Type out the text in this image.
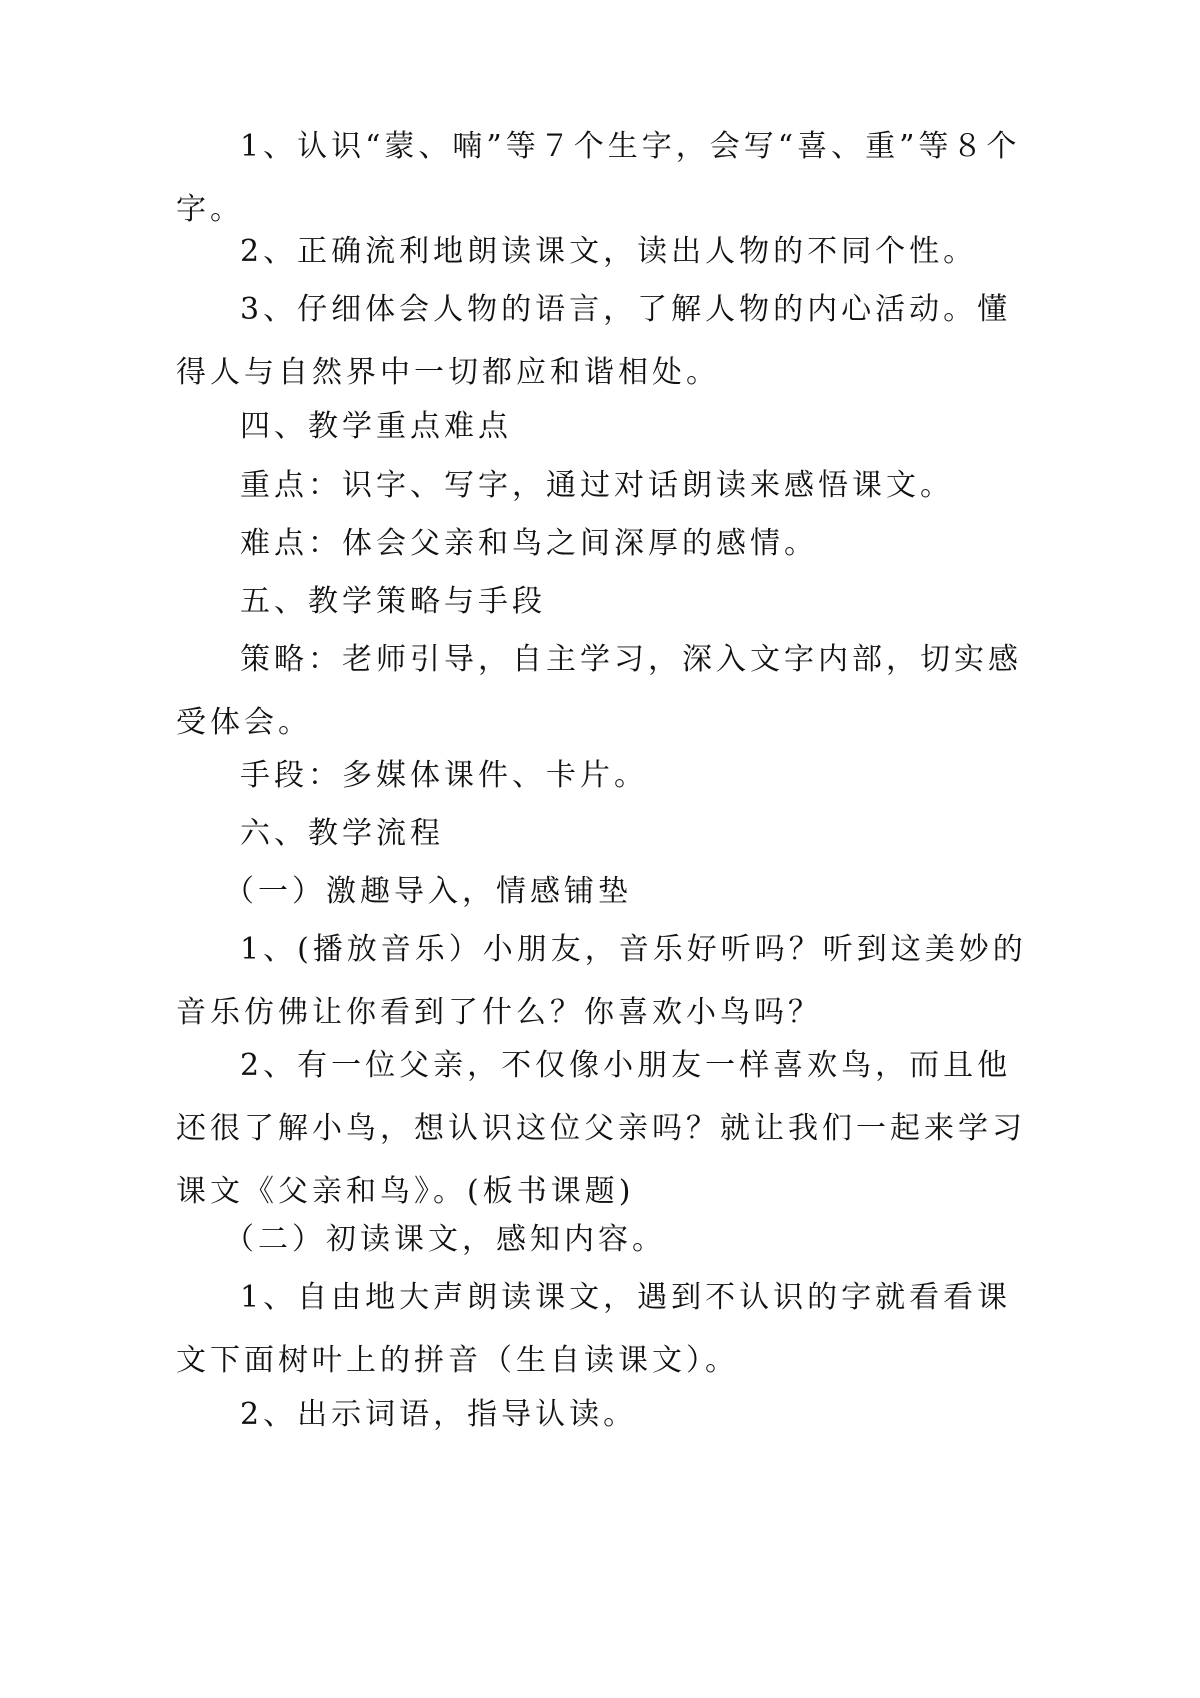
1、认识“蒙、喃”等７个生字，会写“喜、重”等８个字。

2、正确流利地朗读课文，读出人物的不同个性。

3、仔细体会人物的语言，了解人物的内心活动。懂得人与自然界中一切都应和谐相处。

四、教学重点难点

重点：识字、写字，通过对话朗读来感悟课文。

难点：体会父亲和鸟之间深厚的感情。

五、教学策略与手段

策略：老师引导，自主学习，深入文字内部，切实感受体会。

手段：多媒体课件、卡片。

六、教学流程

（一）激趣导入，情感铺垫

1、(播放音乐）小朋友，音乐好听吗？听到这美妙的音乐仿佛让你看到了什么？你喜欢小鸟吗？

2、有一位父亲，不仅像小朋友一样喜欢鸟，而且他还很了解小鸟，想认识这位父亲吗？就让我们一起来学习课文《父亲和鸟》。(板书课题)

（二）初读课文，感知内容。

1、自由地大声朗读课文，遇到不认识的字就看看课文下面树叶上的拼音（生自读课文）。

2、出示词语，指导认读。
